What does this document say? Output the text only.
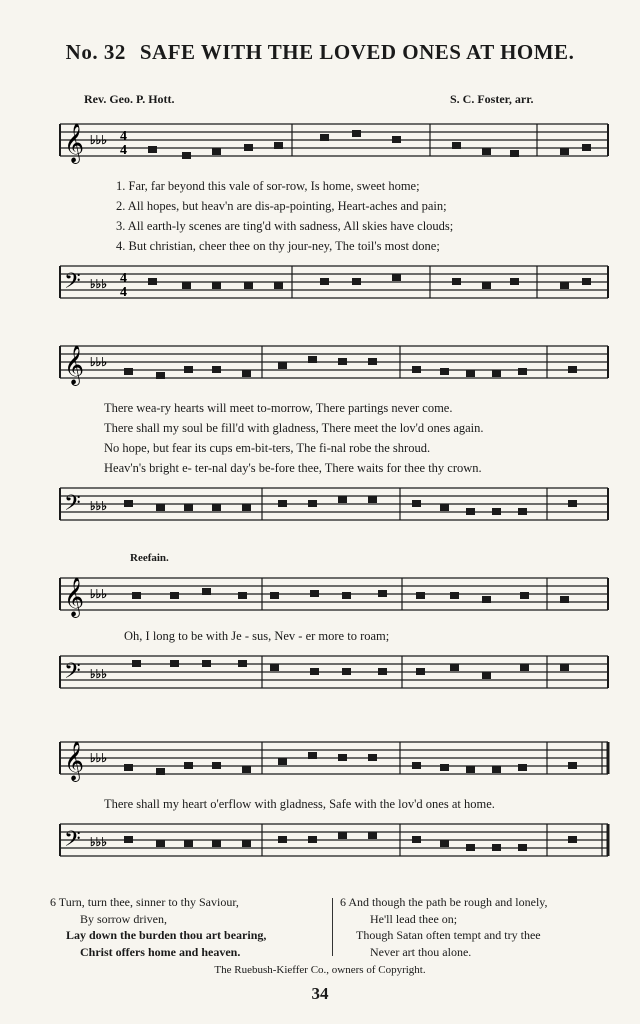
No. 32 SAFE WITH THE LOVED ONES AT HOME.
Rev. Geo. P. Hott.	S. C. Foster, arr.
𝄞 ♭♭♭ 4
4
1. Far, far beyond this vale of sor-row, Is home, sweet home;
2. All hopes, but heav'n are dis-ap-pointing, Heart-aches and pain;
3. All earth-ly scenes are ting'd with sadness, All skies have clouds;
4. But christian, cheer thee on thy jour-ney, The toil's most done;
𝄢 ♭♭♭ 4
4
𝄞 ♭♭♭
There wea-ry hearts will meet to-morrow, There partings never come.
There shall my soul be fill'd with gladness, There meet the lov'd ones again.
No hope, but fear its cups em-bit-ters, The fi-nal robe the shroud.
Heav'n's bright e- ter-nal day's be-fore thee, There waits for thee thy crown.
𝄢 ♭♭♭
Reefain.
𝄞 ♭♭♭
Oh, I long to be with Je - sus, Nev - er more to roam;
𝄢 ♭♭♭
𝄞 ♭♭♭
There shall my heart o'erflow with gladness, Safe with the lov'd ones at home.
𝄢 ♭♭♭
6 Turn, turn thee, sinner to thy Saviour,
By sorrow driven,
Lay down the burden thou art bearing,
Christ offers home and heaven.
6 And though the path be rough and lonely,
He'll lead thee on;
Though Satan often tempt and try thee
Never art thou alone.
The Ruebush-Kieffer Co., owners of Copyright.
34
